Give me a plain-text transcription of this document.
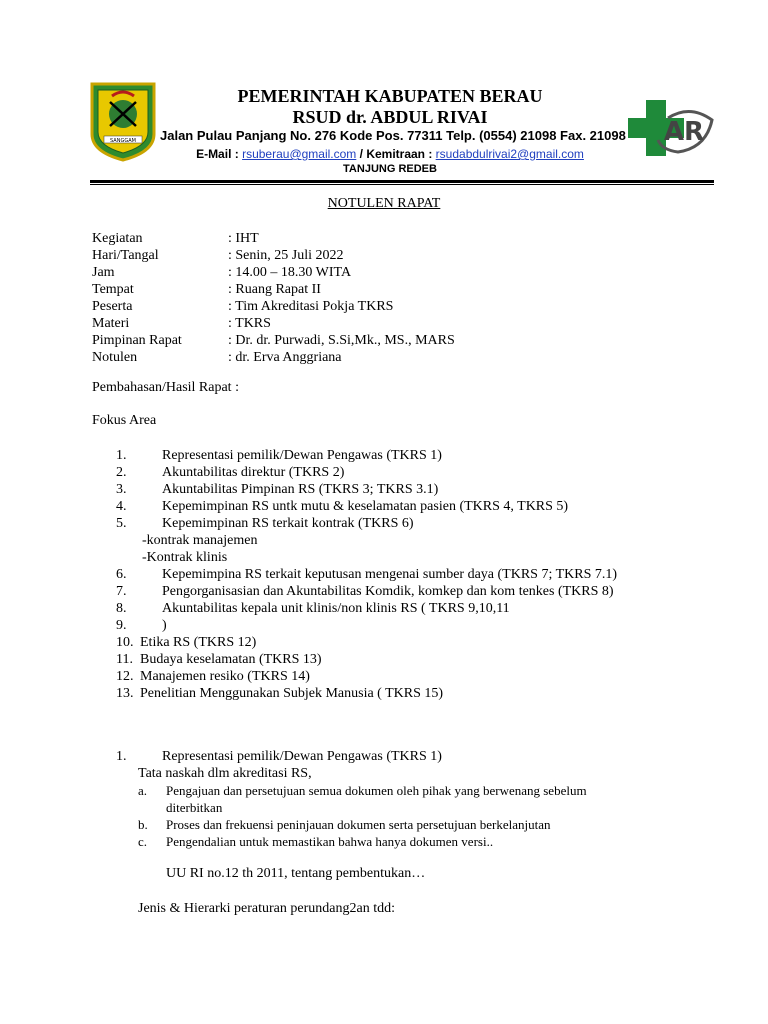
SANGGAM	AR
PEMERINTAH KABUPATEN BERAU
RSUD dr. ABDUL RIVAI
Jalan Pulau Panjang No. 276 Kode Pos. 77311 Telp. (0554) 21098 Fax. 21098
E-Mail : rsuberau@gmail.com / Kemitraan : rsudabdulrivai2@gmail.com
TANJUNG REDEB
NOTULEN RAPAT
Kegiatan	: IHT
Hari/Tangal	: Senin, 25 Juli 2022
Jam	: 14.00 – 18.30 WITA
Tempat	: Ruang Rapat II
Peserta	: Tim Akreditasi Pokja TKRS
Materi	: TKRS
Pimpinan Rapat	: Dr. dr. Purwadi, S.Si,Mk., MS., MARS
Notulen	: dr. Erva Anggriana
Pembahasan/Hasil Rapat :
Fokus Area
1.	Representasi pemilik/Dewan Pengawas (TKRS 1)
2.	Akuntabilitas direktur (TKRS 2)
3.	Akuntabilitas Pimpinan RS (TKRS 3; TKRS 3.1)
4.	Kepemimpinan RS untk mutu & keselamatan pasien (TKRS 4, TKRS 5)
5.	Kepemimpinan RS terkait kontrak (TKRS 6)
-kontrak manajemen
-Kontrak klinis
6.	Kepemimpina RS terkait keputusan mengenai sumber daya (TKRS 7; TKRS 7.1)
7.	Pengorganisasian dan Akuntabilitas Komdik, komkep dan kom tenkes (TKRS 8)
8.	Akuntabilitas kepala unit klinis/non klinis RS ( TKRS 9,10,11
9.	)
10. Etika RS (TKRS 12)
11. Budaya keselamatan (TKRS 13)
12. Manajemen resiko (TKRS 14)
13. Penelitian Menggunakan Subjek Manusia ( TKRS 15)
1.	Representasi pemilik/Dewan Pengawas (TKRS 1)
Tata naskah dlm akreditasi RS,
a.	Pengajuan dan persetujuan semua dokumen oleh pihak yang berwenang sebelum
diterbitkan
b.	Proses dan frekuensi peninjauan dokumen serta persetujuan berkelanjutan
c.	Pengendalian untuk memastikan bahwa hanya dokumen versi..
UU RI no.12 th 2011, tentang pembentukan…
Jenis & Hierarki peraturan perundang2an tdd:
